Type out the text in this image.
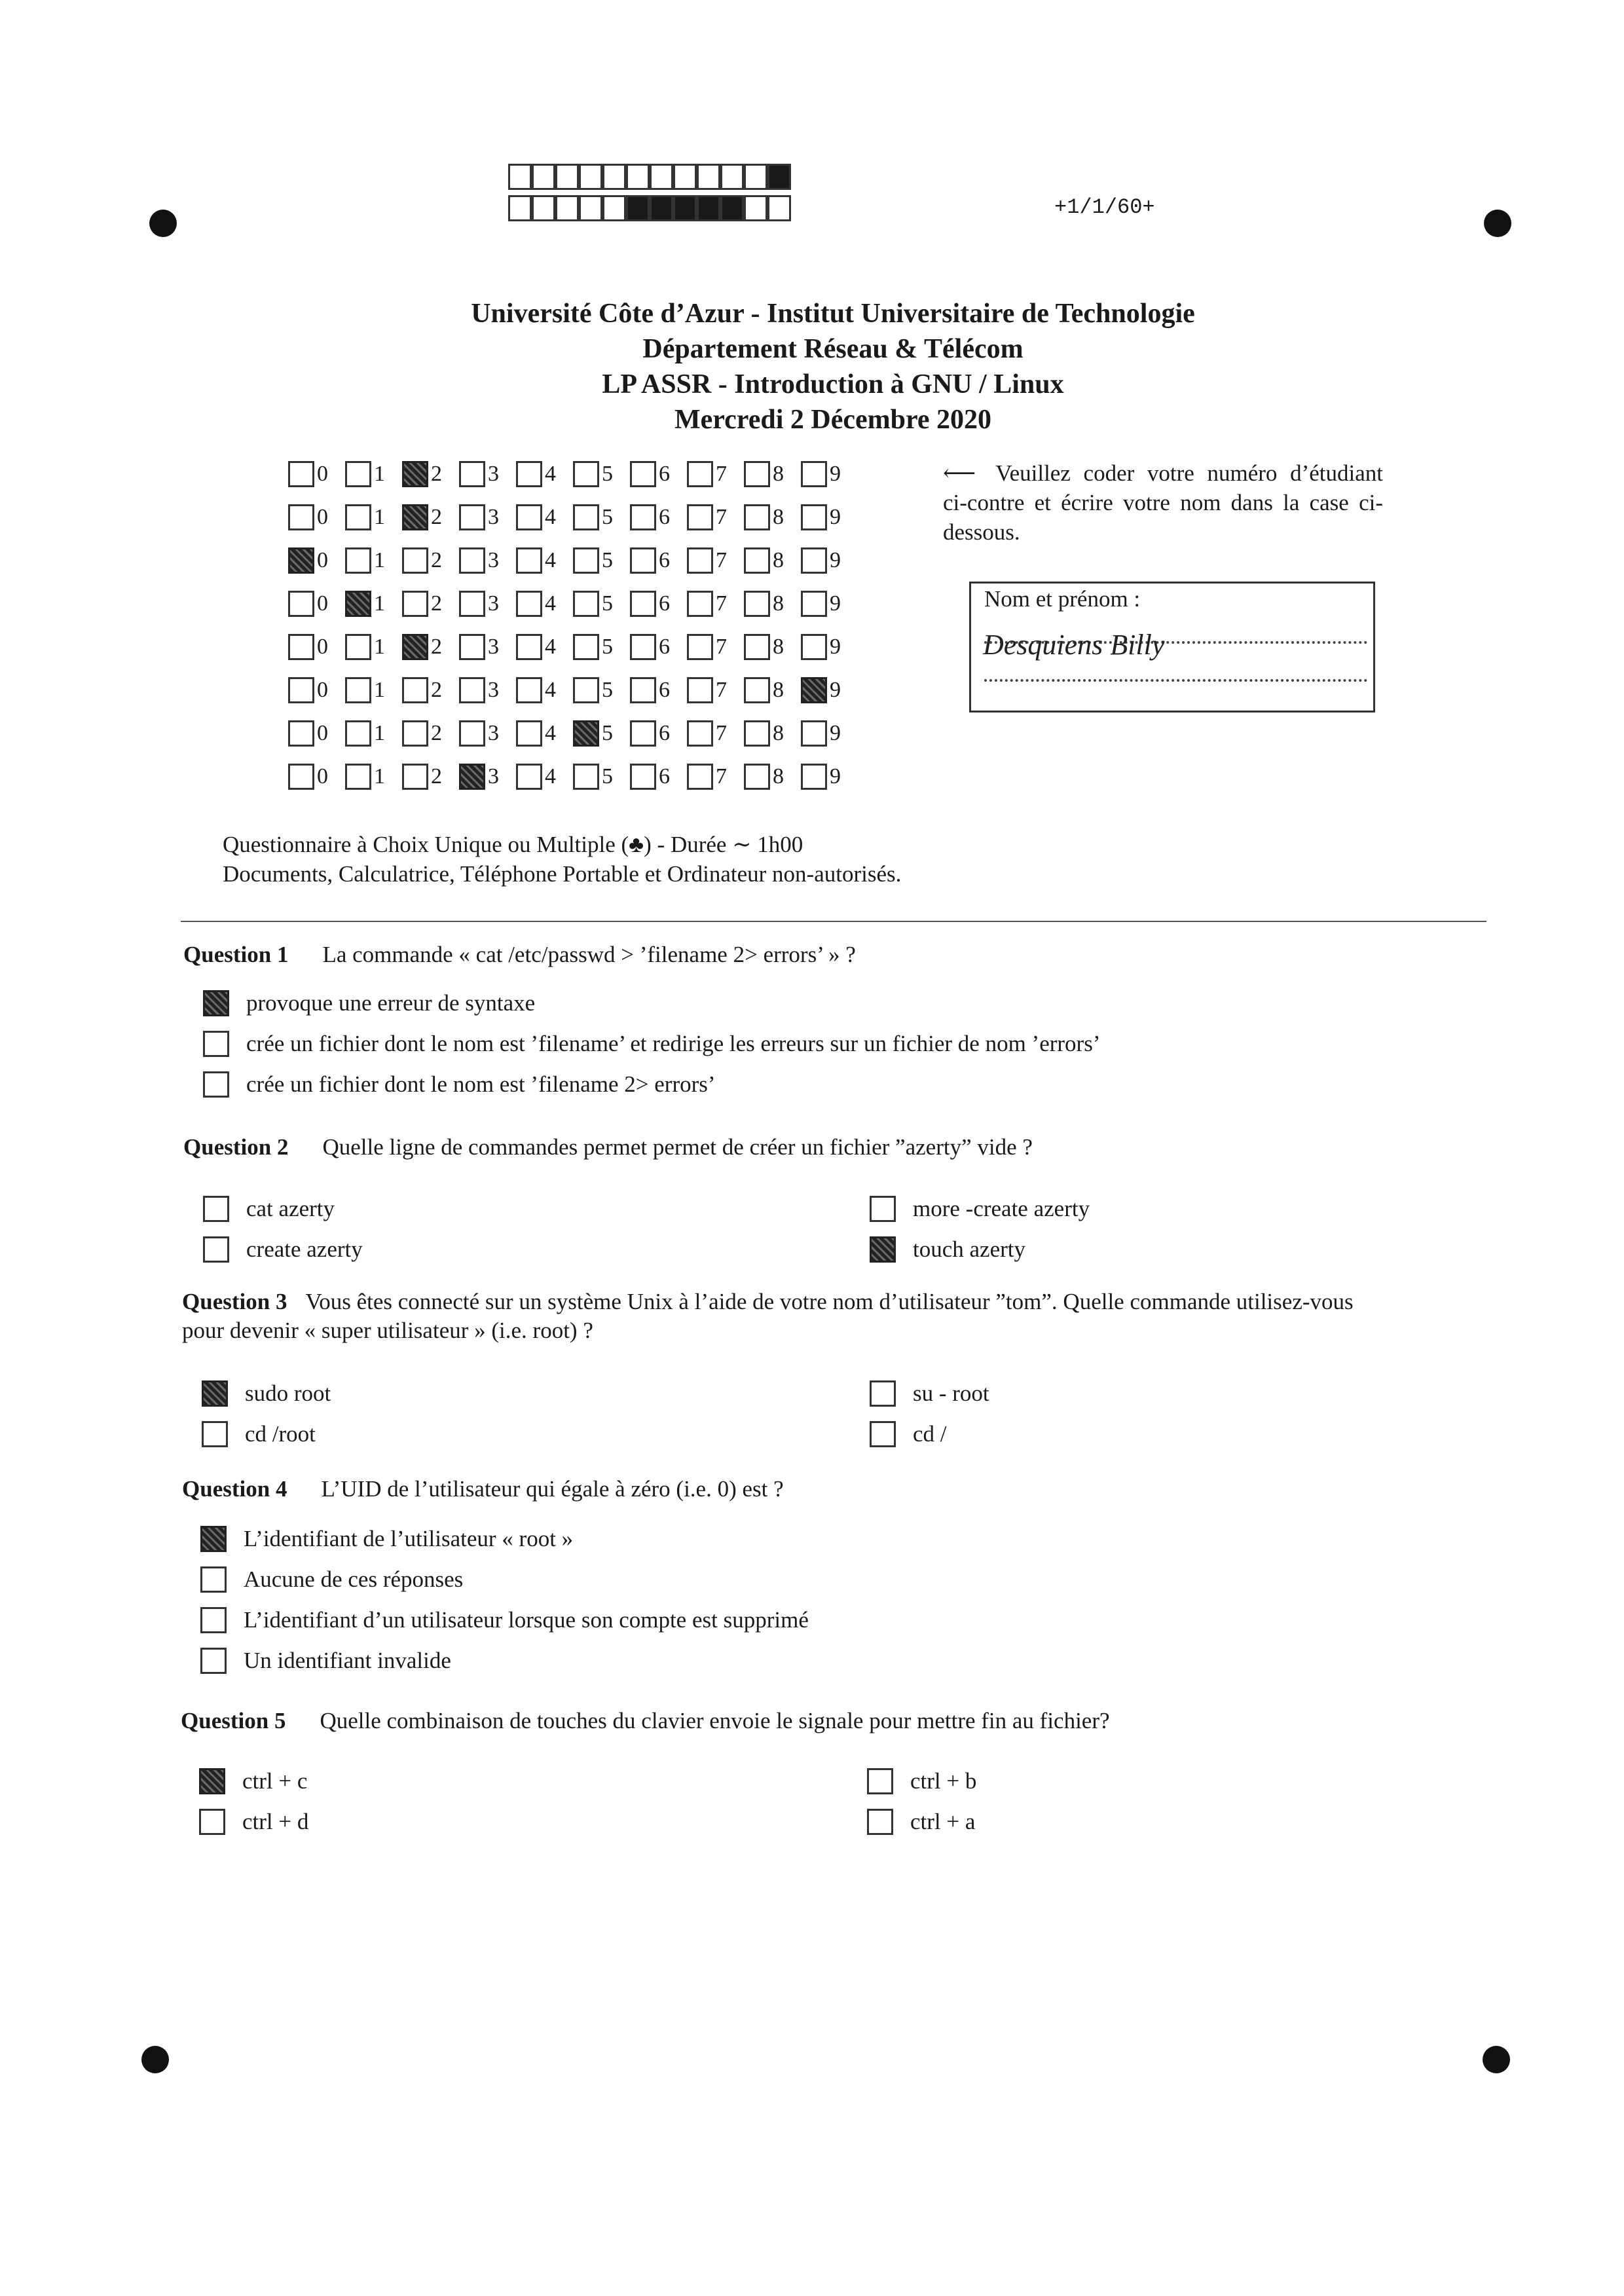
+1/1/60+
Université Côte d’Azur - Institut Universitaire de Technologie
Département Réseau & Télécom
LP ASSR - Introduction à GNU / Linux
Mercredi 2 Décembre 2020
0 1 2 3 4 5 6 7 8 9
0 1 2 3 4 5 6 7 8 9
0 1 2 3 4 5 6 7 8 9
0 1 2 3 4 5 6 7 8 9
0 1 2 3 4 5 6 7 8 9
0 1 2 3 4 5 6 7 8 9
0 1 2 3 4 5 6 7 8 9
0 1 2 3 4 5 6 7 8 9
⟵ Veuillez coder votre numéro d’étudiant ci-contre et écrire votre nom dans la case ci-dessous.
Nom et prénom :
Desquiens Billy
Questionnaire à Choix Unique ou Multiple (♣) - Durée ∼ 1h00
Documents, Calculatrice, Téléphone Portable et Ordinateur non-autorisés.
Question 1 La commande « cat /etc/passwd > ’filename 2> errors’ » ?
provoque une erreur de syntaxe
crée un fichier dont le nom est ’filename’ et redirige les erreurs sur un fichier de nom ’errors’
crée un fichier dont le nom est ’filename 2> errors’
Question 2 Quelle ligne de commandes permet permet de créer un fichier ”azerty” vide ?
cat azerty	more -create azerty
create azerty	touch azerty
Question 3 Vous êtes connecté sur un système Unix à l’aide de votre nom d’utilisateur ”tom”. Quelle commande utilisez-vous
pour devenir « super utilisateur » (i.e. root) ?
sudo root	su - root
cd /root	cd /
Question 4 L’UID de l’utilisateur qui égale à zéro (i.e. 0) est ?
L’identifiant de l’utilisateur « root »
Aucune de ces réponses
L’identifiant d’un utilisateur lorsque son compte est supprimé
Un identifiant invalide
Question 5 Quelle combinaison de touches du clavier envoie le signale pour mettre fin au fichier?
ctrl + c	ctrl + b
ctrl + d	ctrl + a
